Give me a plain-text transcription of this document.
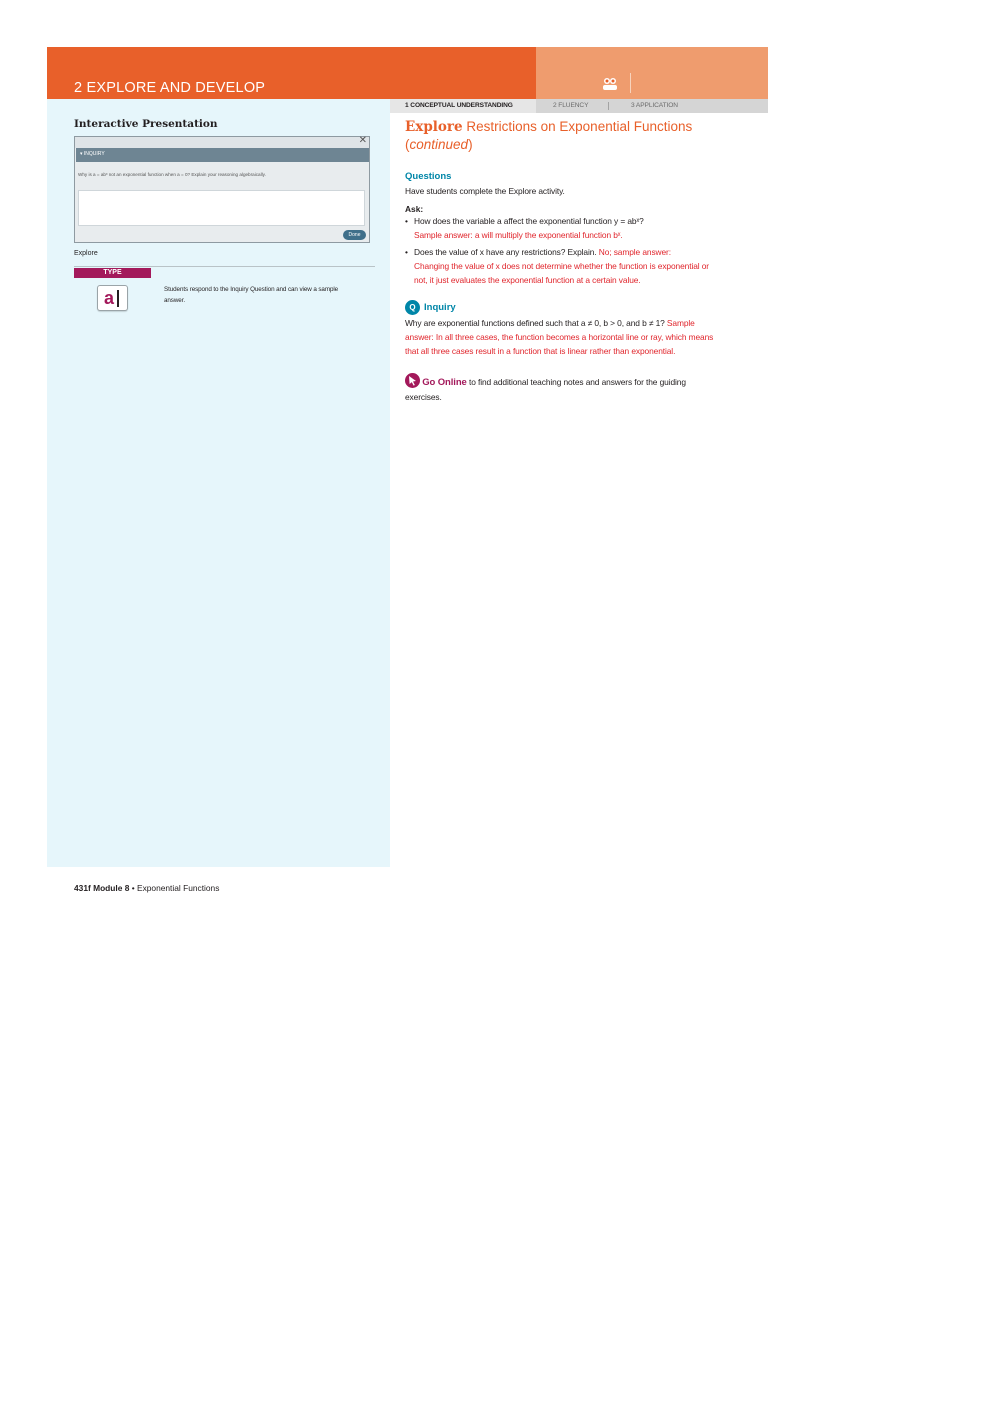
2 EXPLORE AND DEVELOP
1 CONCEPTUAL UNDERSTANDING	2 FLUENCY	3 APPLICATION
Interactive Presentation
✕
▾ INQUIRY
Why is a = abˣ not an exponential function when a = 0? Explain your reasoning algebraically.
Done
Explore
TYPE
a	Students respond to the Inquiry Question and can view a sample answer.
Explore Restrictions on Exponential Functions (continued)
Questions
Have students complete the Explore activity.
Ask:
• How does the variable a affect the exponential function y = abˣ?
Sample answer: a will multiply the exponential function bˣ.
• Does the value of x have any restrictions? Explain. No; sample answer:
Changing the value of x does not determine whether the function is exponential or not, it just evaluates the exponential function at a certain value.
Q Inquiry
Why are exponential functions defined such that a ≠ 0, b > 0, and b ≠ 1? Sample answer: In all three cases, the function becomes a horizontal line or ray, which means that all three cases result in a function that is linear rather than exponential.
Go Online to find additional teaching notes and answers for the guiding exercises.
431f Module 8 • Exponential Functions
